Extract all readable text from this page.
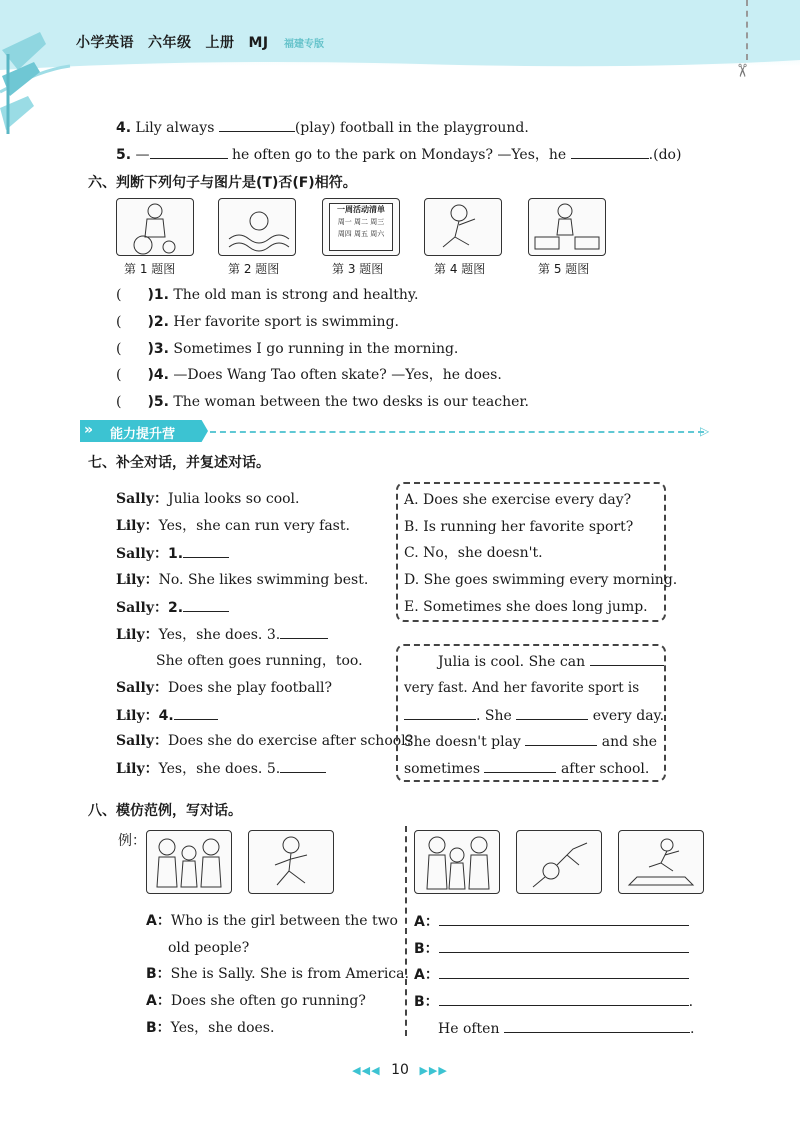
小学英语 六年级 上册 MJ	福建专版
✂
4. Lily always	(play) football in the playground.
5. —	he often go to the park on Mondays? —Yes，he	.(do)
六、判断下列句子与图片是(T)否(F)相符。
一周活动清单
周一 周二 周三
周四 周五 周六
第 1 题图	第 2 题图	第 3 题图	第 4 题图	第 5 题图
( )1. The old man is strong and healthy.
( )2. Her favorite sport is swimming.
( )3. Sometimes I go running in the morning.
( )4. —Does Wang Tao often skate? —Yes，he does.
( )5. The woman between the two desks is our teacher.
» 能力提升营	▷
七、补全对话，并复述对话。
Sally：Julia looks so cool.
Lily：Yes，she can run very fast.
Sally：1.
Lily：No. She likes swimming best.
Sally：2.
Lily：Yes，she does. 3.
She often goes running，too.
Sally：Does she play football?
Lily：4.
Sally：Does she do exercise after school?
Lily：Yes，she does. 5.
A. Does she exercise every day?
B. Is running her favorite sport?
C. No，she doesn't.
D. She goes swimming every morning.
E. Sometimes she does long jump.
Julia is cool. She can
very fast. And her favorite sport is
. She	every day.
She doesn't play	and she
sometimes	after school.
八、模仿范例，写对话。
例：
A：Who is the girl between the two
old people?
B：She is Sally. She is from America.
A：Does she often go running?
B：Yes，she does.
A：
B：
A：
B：	.
He often	.
◀◀◀ 10 ▶▶▶
